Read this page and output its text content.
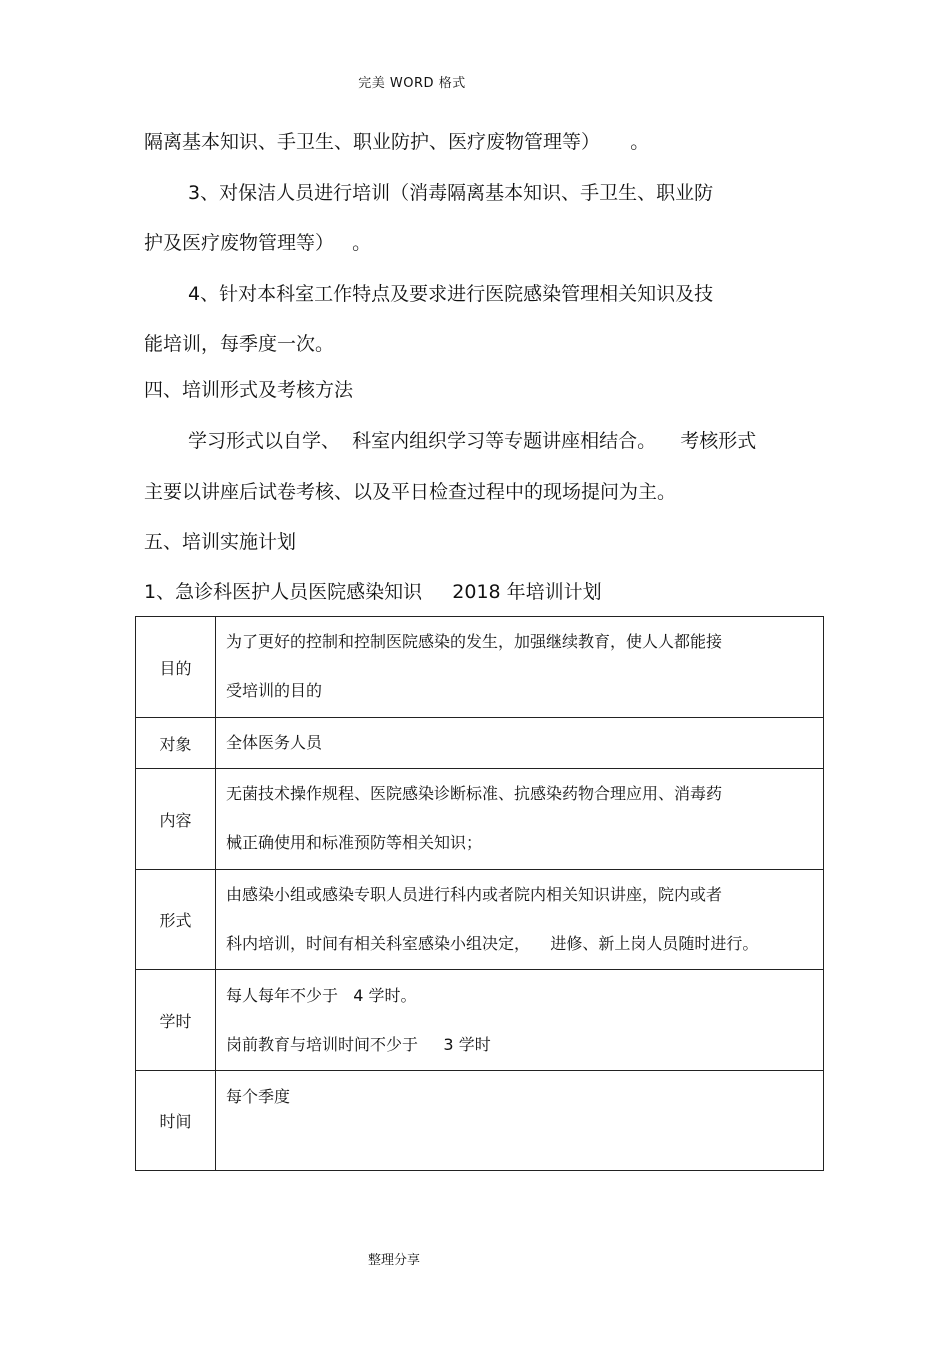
完美 WORD 格式
隔离基本知识、手卫生、职业防护、医疗废物管理等）     。
3、对保洁人员进行培训（消毒隔离基本知识、手卫生、职业防
护及医疗废物管理等）   。
4、针对本科室工作特点及要求进行医院感染管理相关知识及技
能培训，每季度一次。
四、培训形式及考核方法
学习形式以自学、  科室内组织学习等专题讲座相结合。    考核形式
主要以讲座后试卷考核、以及平日检查过程中的现场提问为主。
五、培训实施计划
1、急诊科医护人员医院感染知识     2018 年培训计划
目的	为了更好的控制和控制医院感染的发生，加强继续教育，使人人都能接
受培训的目的

对象	全体医务人员

内容	无菌技术操作规程、医院感染诊断标准、抗感染药物合理应用、消毒药
械正确使用和标准预防等相关知识；

形式	由感染小组或感染专职人员进行科内或者院内相关知识讲座，院内或者
科内培训，时间有相关科室感染小组决定，    进修、新上岗人员随时进行。

学时	每人每年不少于   4 学时。
岗前教育与培训时间不少于     3 学时

时间	每个季度
整理分享
